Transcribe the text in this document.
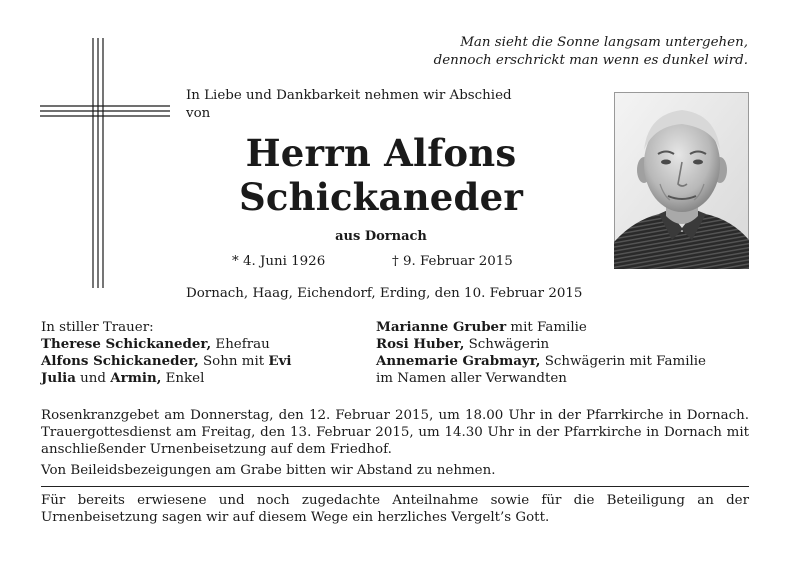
Man sieht die Sonne langsam untergehen,
dennoch erschrickt man wenn es dunkel wird.
In Liebe und Dankbarkeit nehmen wir Abschied
von
Herrn Alfons
Schickaneder
aus Dornach
* 4. Juni 1926	† 9. Februar 2015
Dornach, Haag, Eichendorf, Erding, den 10. Februar 2015
In stiller Trauer:
Therese Schickaneder, Ehefrau
Alfons Schickaneder, Sohn mit Evi
Julia und Armin, Enkel
Marianne Gruber mit Familie
Rosi Huber, Schwägerin
Annemarie Grabmayr, Schwägerin mit Familie
im Namen aller Verwandten
Rosenkranzgebet am Donnerstag, den 12. Februar 2015, um 18.00 Uhr in der Pfarrkirche in Dornach. Trauergottesdienst am Freitag, den 13. Februar 2015, um 14.30 Uhr in der Pfarrkirche in Dornach mit anschließender Urnenbeisetzung auf dem Friedhof.
Von Beileidsbezeigungen am Grabe bitten wir Abstand zu nehmen.
Für bereits erwiesene und noch zugedachte Anteilnahme sowie für die Beteiligung an der Urnenbeisetzung sagen wir auf diesem Wege ein herzliches Vergelt’s Gott.
